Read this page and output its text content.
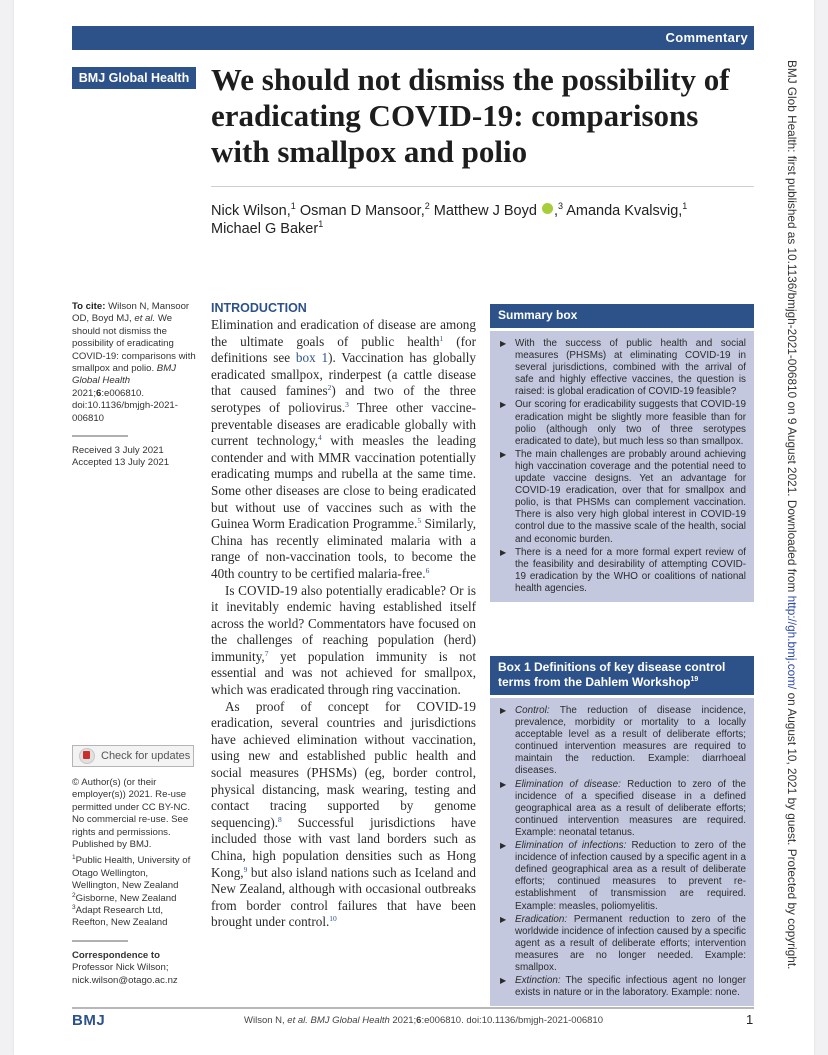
Commentary
BMJ Global Health We should not dismiss the possibility of eradicating COVID-19: comparisons with smallpox and polio
Nick Wilson,$^1$ Osman D Mansoor,$^2$ Matthew J Boyd ,$^3$ Amanda Kvalsvig,$^1$
Michael G Baker$^1$
To cite: Wilson N, Mansoor OD, Boyd MJ, et al. We should not dismiss the possibility of eradicating COVID-19: comparisons with smallpox and polio. BMJ Global Health 2021;6:e006810. doi:10.1136/bmjgh-2021-006810
Received 3 July 2021
Accepted 13 July 2021
Check for updates

© Author(s) (or their employer(s)) 2021. Re-use permitted under CC BY-NC. No commercial re-use. See rights and permissions. Published by BMJ.

$^1$Public Health, University of Otago Wellington, Wellington, New Zealand
$^2$Gisborne, New Zealand
$^3$Adapt Research Ltd, Reefton, New Zealand
Correspondence to
Professor Nick Wilson;
nick.wilson@otago.ac.nz
INTRODUCTION

Elimination and eradication of disease are among the ultimate goals of public health$^1$ (for definitions see box 1). Vaccination has globally eradicated smallpox, rinderpest (a cattle disease that caused famines$^2$) and two of the three serotypes of poliovirus.$^3$ Three other vaccine-preventable diseases are eradicable globally with current technology,$^4$ with measles the leading contender and with MMR vaccination potentially eradicating mumps and rubella at the same time. Some other diseases are close to being eradicated but without use of vaccines such as with the Guinea Worm Eradication Programme.$^5$ Similarly, China has recently eliminated malaria with a range of non-vaccination tools, to become the 40th country to be certified malaria-free.$^6$

Is COVID-19 also potentially eradicable? Or is it inevitably endemic having established itself across the world? Commentators have focused on the challenges of reaching population (herd) immunity,$^7$ yet population immunity is not essential and was not achieved for smallpox, which was eradicated through ring vaccination.

As proof of concept for COVID-19 eradication, several countries and jurisdictions have achieved elimination without vaccination, using new and established public health and social measures (PHSMs) (eg, border control, physical distancing, mask wearing, testing and contact tracing supported by genome sequencing).$^8$ Successful jurisdictions have included those with vast land borders such as China, high population densities such as Hong Kong,$^9$ but also island nations such as Iceland and New Zealand, although with occasional outbreaks from border control failures that have been brought under control.$^{10}$

Summary box
▶ With the success of public health and social measures (PHSMs) at eliminating COVID-19 in several jurisdictions, combined with the arrival of safe and highly effective vaccines, the question is raised: is global eradication of COVID-19 feasible?
▶ Our scoring for eradicability suggests that COVID-19 eradication might be slightly more feasible than for polio (although only two of three serotypes eradicated to date), but much less so than smallpox.
▶ The main challenges are probably around achieving high vaccination coverage and the potential need to update vaccine designs. Yet an advantage for COVID-19 eradication, over that for smallpox and polio, is that PHSMs can complement vaccination. There is also very high global interest in COVID-19 control due to the massive scale of the health, social and economic burden.
▶ There is a need for a more formal expert review of the feasibility and desirability of attempting COVID-19 eradication by the WHO or coalitions of national health agencies.
Box 1 Definitions of key disease control terms from the Dahlem Workshop$^{19}$
▶ Control: The reduction of disease incidence, prevalence, morbidity or mortality to a locally acceptable level as a result of deliberate efforts; continued intervention measures are required to maintain the reduction. Example: diarrhoeal diseases.
▶ Elimination of disease: Reduction to zero of the incidence of a specified disease in a defined geographical area as a result of deliberate efforts; continued intervention measures are required. Example: neonatal tetanus.
▶ Elimination of infections: Reduction to zero of the incidence of infection caused by a specific agent in a defined geographical area as a result of deliberate efforts; continued measures to prevent re-establishment of transmission are required. Example: measles, poliomyelitis.
▶ Eradication: Permanent reduction to zero of the worldwide incidence of infection caused by a specific agent as a result of deliberate efforts; intervention measures are no longer needed. Example: smallpox.
▶ Extinction: The specific infectious agent no longer exists in nature or in the laboratory. Example: none.
BMJ	Wilson N, et al. BMJ Global Health 2021;6:e006810. doi:10.1136/bmjgh-2021-006810	1
BMJ Glob Health: first published as 10.1136/bmjgh-2021-006810 on 9 August 2021. Downloaded from http://gh.bmj.com/ on August 10, 2021 by guest. Protected by copyright.
